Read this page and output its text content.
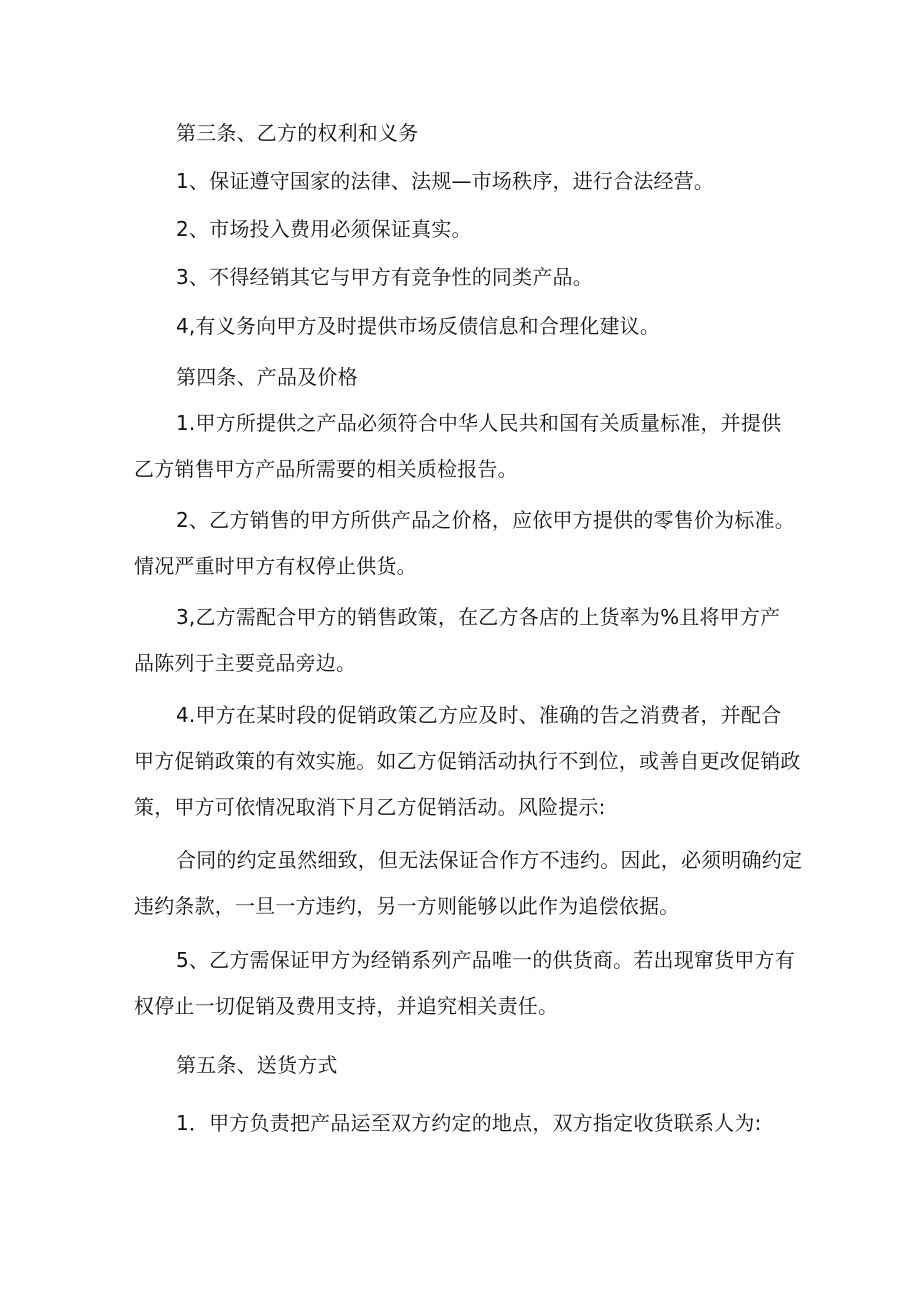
第三条、乙方的权利和义务
1、保证遵守国家的法律、法规—市场秩序，进行合法经营。
2、市场投入费用必须保证真实。
3、不得经销其它与甲方有竞争性的同类产品。
4,有义务向甲方及时提供市场反债信息和合理化建议。
第四条、产品及价格
1.甲方所提供之产品必须符合中华人民共和国有关质量标准，并提供
乙方销售甲方产品所需要的相关质检报告。
2、乙方销售的甲方所供产品之价格，应依甲方提供的零售价为标准。
情况严重时甲方有权停止供货。
3,乙方需配合甲方的销售政策，在乙方各店的上货率为%且将甲方产
品陈列于主要竞品旁边。
4.甲方在某时段的促销政策乙方应及时、准确的告之消费者，并配合
甲方促销政策的有效实施。如乙方促销活动执行不到位，或善自更改促销政
策，甲方可依情况取消下月乙方促销活动。风险提示:
合同的约定虽然细致，但无法保证合作方不违约。因此，必须明确约定
违约条款，一旦一方违约，另一方则能够以此作为追偿依据。
5、乙方需保证甲方为经销系列产品唯一的供货商。若出现窜货甲方有
权停止一切促销及费用支持，并追究相关责任。
第五条、送货方式
1．甲方负责把产品运至双方约定的地点，双方指定收货联系人为:
